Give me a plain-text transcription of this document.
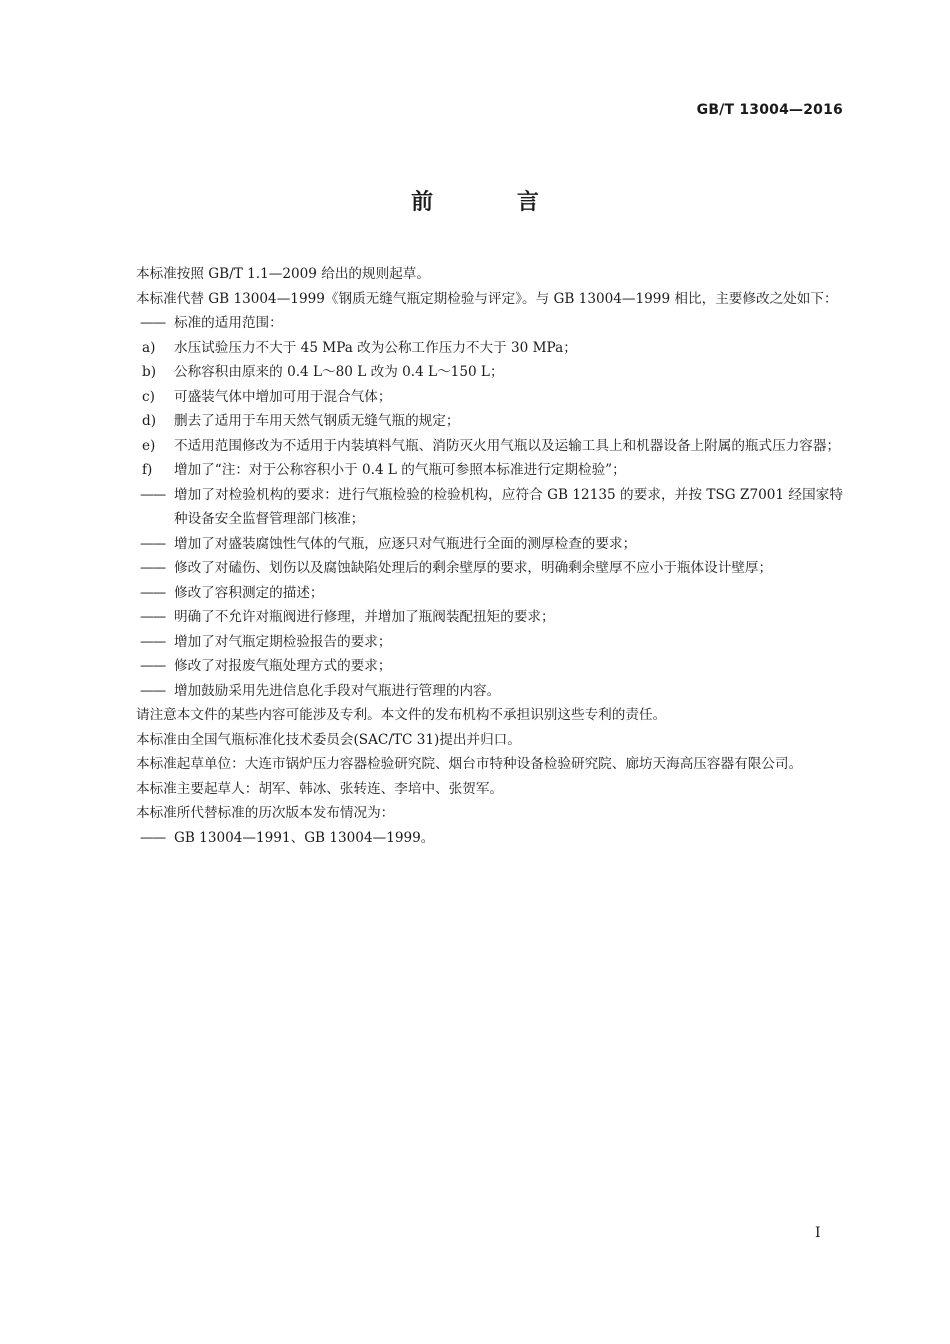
GB/T 13004—2016
前 言

本标准按照 GB/T 1.1—2009 给出的规则起草。

本标准代替 GB 13004—1999《钢质无缝气瓶定期检验与评定》。与 GB 13004—1999 相比，主要修改之处如下：

—— 标准的适用范围：

a) 水压试验压力不大于 45 MPa 改为公称工作压力不大于 30 MPa；

b) 公称容积由原来的 0.4 L～80 L 改为 0.4 L～150 L；

c) 可盛装气体中增加可用于混合气体；

d) 删去了适用于车用天然气钢质无缝气瓶的规定；

e) 不适用范围修改为不适用于内装填料气瓶、消防灭火用气瓶以及运输工具上和机器设备上附属的瓶式压力容器；

f) 增加了“注：对于公称容积小于 0.4 L 的气瓶可参照本标准进行定期检验”；

—— 增加了对检验机构的要求：进行气瓶检验的检验机构，应符合 GB 12135 的要求，并按 TSG Z7001 经国家特种设备安全监督管理部门核准；

—— 增加了对盛装腐蚀性气体的气瓶，应逐只对气瓶进行全面的测厚检查的要求；

—— 修改了对磕伤、划伤以及腐蚀缺陷处理后的剩余壁厚的要求，明确剩余壁厚不应小于瓶体设计壁厚；

—— 修改了容积测定的描述；

—— 明确了不允许对瓶阀进行修理，并增加了瓶阀装配扭矩的要求；

—— 增加了对气瓶定期检验报告的要求；

—— 修改了对报废气瓶处理方式的要求；

—— 增加鼓励采用先进信息化手段对气瓶进行管理的内容。

请注意本文件的某些内容可能涉及专利。本文件的发布机构不承担识别这些专利的责任。

本标准由全国气瓶标准化技术委员会(SAC/TC 31)提出并归口。

本标准起草单位：大连市锅炉压力容器检验研究院、烟台市特种设备检验研究院、廊坊天海高压容器有限公司。

本标准主要起草人：胡军、韩冰、张转连、李培中、张贺军。

本标准所代替标准的历次版本发布情况为：

—— GB 13004—1991、GB 13004—1999。

I
